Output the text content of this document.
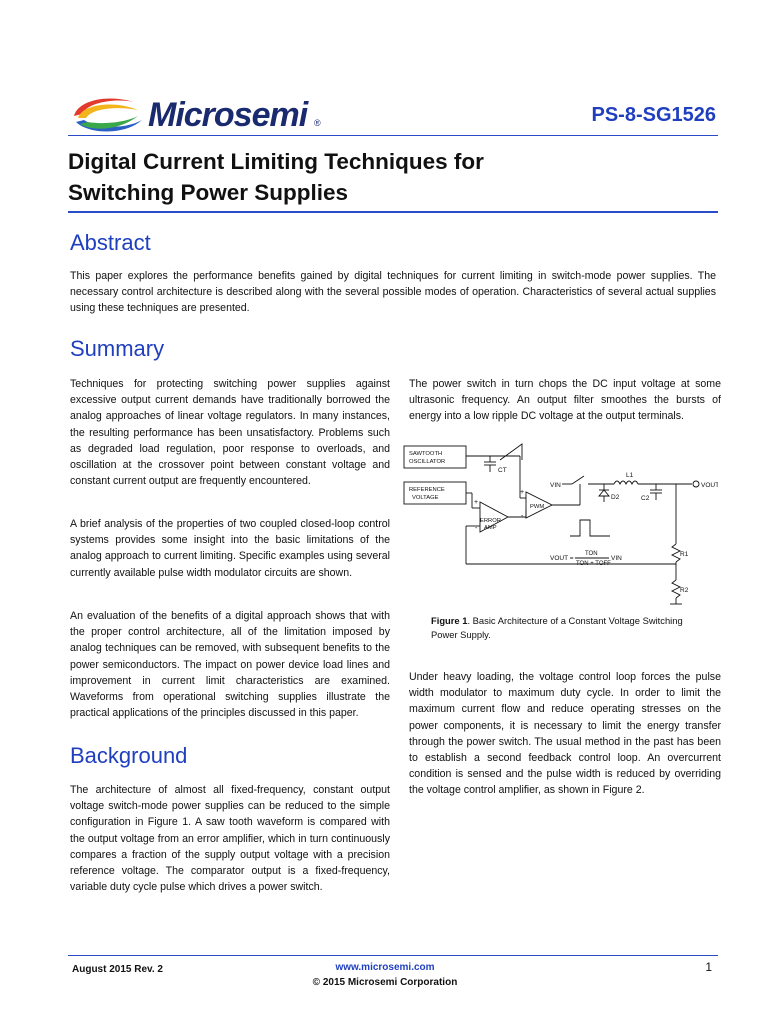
Microsemi ®	PS-8-SG1526
Digital Current Limiting Techniques for
Switching Power Supplies
Abstract
This paper explores the performance benefits gained by digital techniques for current limiting in switch-mode power supplies. The necessary control architecture is described along with the several possible modes of operation. Characteristics of several actual supplies using these techniques are presented.
Summary
Techniques for protecting switching power supplies against excessive output current demands have traditionally borrowed the analog approaches of linear voltage regulators. In many instances, the resulting performance has been unsatisfactory. Problems such as degraded load regulation, poor response to overloads, and oscillation at the crossover point between constant voltage and constant current output are frequently encountered.
A brief analysis of the properties of two coupled closed-loop control systems provides some insight into the basic limitations of the analog approach to current limiting. Specific examples using several currently available pulse width modulator circuits are shown.
An evaluation of the benefits of a digital approach shows that with the proper control architecture, all of the limitation imposed by analog techniques can be removed, with subsequent benefits to the power semiconductors. The impact on power device load lines and improvement in current limit characteristics are examined. Waveforms from operational switching supplies illustrate the practical applications of the principles discussed in this paper.
Background
The architecture of almost all fixed-frequency, constant output voltage switch-mode power supplies can be reduced to the simple configuration in Figure 1. A saw tooth waveform is compared with the output voltage from an error amplifier, which in turn continuously compares a fraction of the supply output voltage with a precision reference voltage. The comparator output is a fixed-frequency, variable duty cycle pulse which drives a power switch.
The power switch in turn chops the DC input voltage at some ultrasonic frequency. An output filter smoothes the bursts of energy into a low ripple DC voltage at the output terminals.
SAWTOOTH
OSCILLATOR
CT
REFERENCE
VOLTAGE
ERROR
AMP
PWM
VIN
L1
D2	C2
VOUT
R1
R2
VOUT =
TON
TON + TOFF
VIN
+
-
+
-
Figure 1. Basic Architecture of a Constant Voltage Switching Power Supply.
Under heavy loading, the voltage control loop forces the pulse width modulator to maximum duty cycle. In order to limit the maximum current flow and reduce operating stresses on the power components, it is necessary to limit the energy transfer through the power switch. The usual method in the past has been to establish a second feedback control loop. An overcurrent condition is sensed and the pulse width is reduced by overriding the voltage control amplifier, as shown in Figure 2.
August 2015 Rev. 2	www.microsemi.com
© 2015 Microsemi Corporation
1
